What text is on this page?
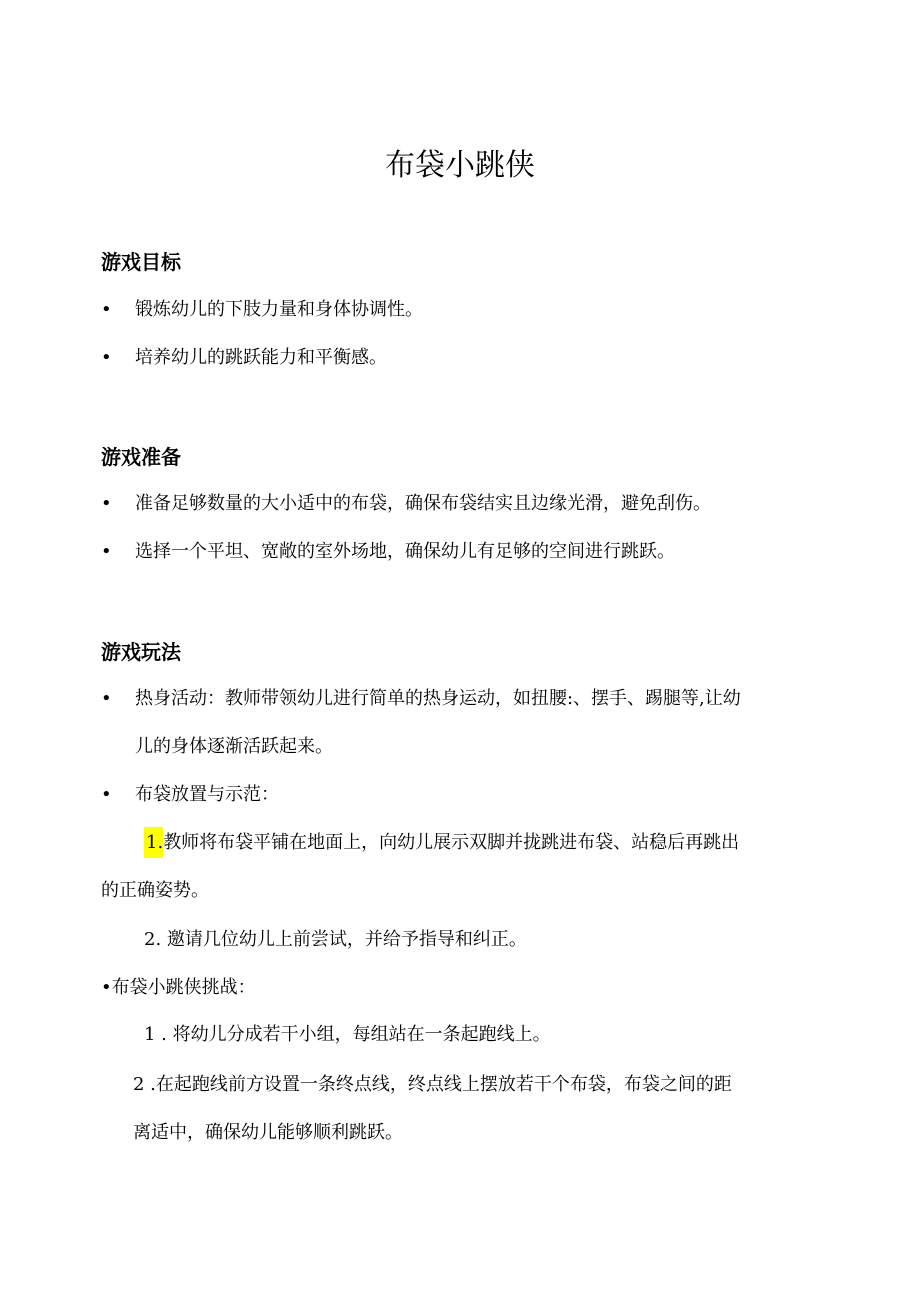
布袋小跳侠
游戏目标
• 锻炼幼儿的下肢力量和身体协调性。

• 培养幼儿的跳跃能力和平衡感。

游戏准备
• 准备足够数量的大小适中的布袋，确保布袋结实且边缘光滑，避免刮伤。

• 选择一个平坦、宽敞的室外场地，确保幼儿有足够的空间进行跳跃。

游戏玩法
• 热身活动：教师带领幼儿进行简单的热身运动，如扭腰:、摆手、踢腿等,让幼

儿的身体逐渐活跃起来。

• 布袋放置与示范：

1.教师将布袋平铺在地面上，向幼儿展示双脚并拢跳进布袋、站稳后再跳出

的正确姿势。

2. 邀请几位幼儿上前尝试，并给予指导和纠正。

•布袋小跳侠挑战：

1 . 将幼儿分成若干小组，每组站在一条起跑线上。

2 .在起跑线前方设置一条终点线，终点线上摆放若干个布袋，布袋之间的距

离适中，确保幼儿能够顺利跳跃。
